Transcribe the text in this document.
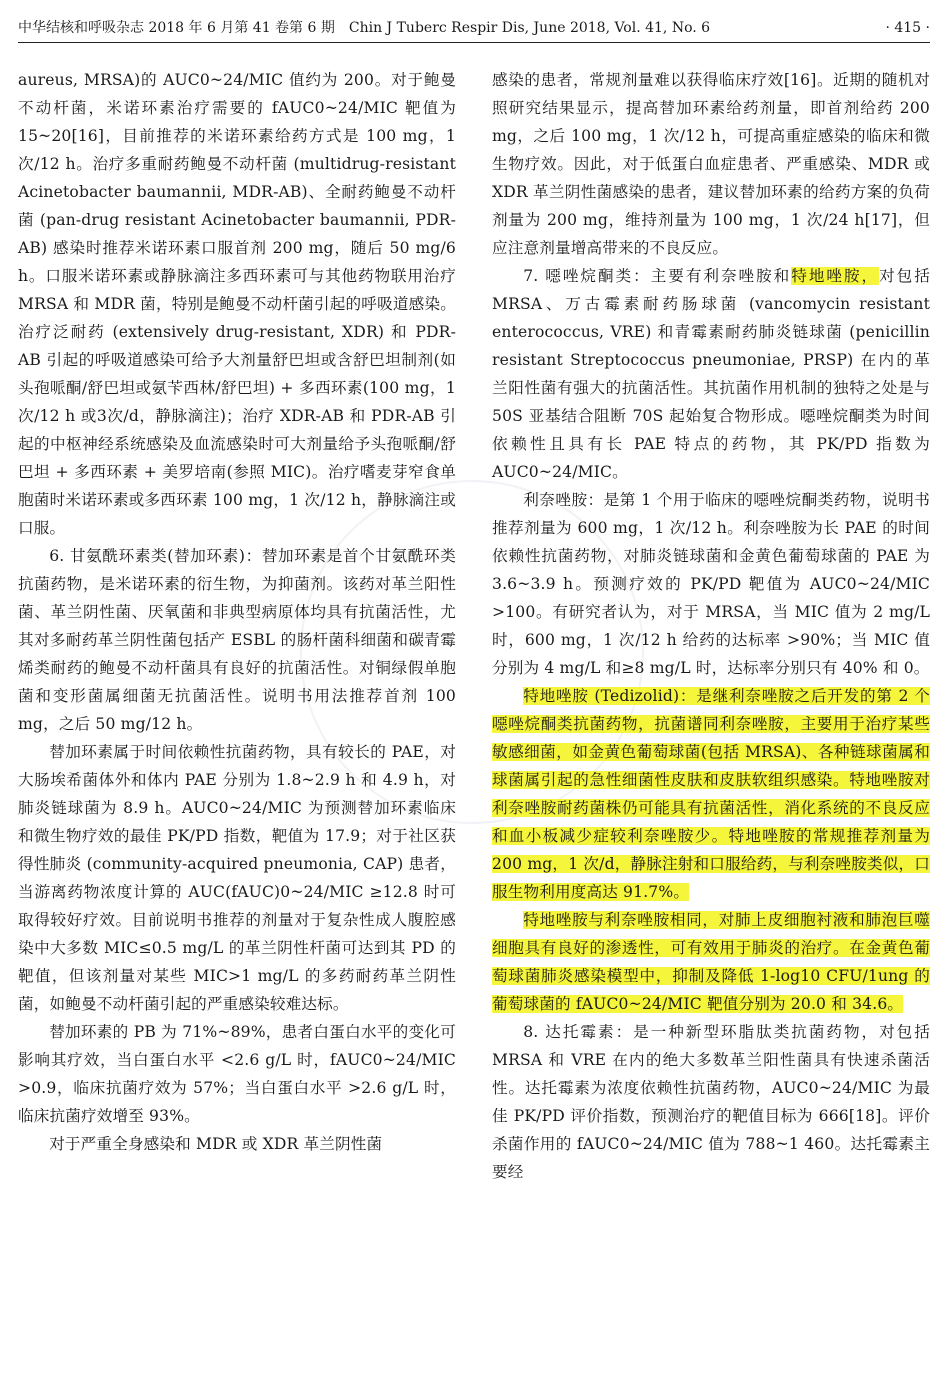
中华结核和呼吸杂志 2018 年 6 月第 41 卷第 6 期　Chin J Tuberc Respir Dis, June 2018, Vol. 41, No. 6	· 415 ·

aureus, MRSA)的 AUC0~24/MIC 值约为 200。对于鲍曼不动杆菌，米诺环素治疗需要的 fAUC0~24/MIC 靶值为 15~20[16]，目前推荐的米诺环素给药方式是 100 mg，1 次/12 h。治疗多重耐药鲍曼不动杆菌 (multidrug-resistant Acinetobacter baumannii, MDR-AB)、全耐药鲍曼不动杆菌 (pan-drug resistant Acinetobacter baumannii, PDR-AB) 感染时推荐米诺环素口服首剂 200 mg，随后 50 mg/6 h。口服米诺环素或静脉滴注多西环素可与其他药物联用治疗 MRSA 和 MDR 菌，特别是鲍曼不动杆菌引起的呼吸道感染。治疗泛耐药 (extensively drug-resistant, XDR) 和 PDR-AB 引起的呼吸道感染可给予大剂量舒巴坦或含舒巴坦制剂(如头孢哌酮/舒巴坦或氨苄西林/舒巴坦) + 多西环素(100 mg，1 次/12 h 或3次/d，静脉滴注)；治疗 XDR-AB 和 PDR-AB 引起的中枢神经系统感染及血流感染时可大剂量给予头孢哌酮/舒巴坦 + 多西环素 + 美罗培南(参照 MIC)。治疗嗜麦芽窄食单胞菌时米诺环素或多西环素 100 mg，1 次/12 h，静脉滴注或口服。

6. 甘氨酰环素类(替加环素)：替加环素是首个甘氨酰环类抗菌药物，是米诺环素的衍生物，为抑菌剂。该药对革兰阳性菌、革兰阴性菌、厌氧菌和非典型病原体均具有抗菌活性，尤其对多耐药革兰阴性菌包括产 ESBL 的肠杆菌科细菌和碳青霉烯类耐药的鲍曼不动杆菌具有良好的抗菌活性。对铜绿假单胞菌和变形菌属细菌无抗菌活性。说明书用法推荐首剂 100 mg，之后 50 mg/12 h。

替加环素属于时间依赖性抗菌药物，具有较长的 PAE，对大肠埃希菌体外和体内 PAE 分别为 1.8~2.9 h 和 4.9 h，对肺炎链球菌为 8.9 h。AUC0~24/MIC 为预测替加环素临床和微生物疗效的最佳 PK/PD 指数，靶值为 17.9；对于社区获得性肺炎 (community-acquired pneumonia, CAP) 患者，当游离药物浓度计算的 AUC(fAUC)0~24/MIC ≥12.8 时可取得较好疗效。目前说明书推荐的剂量对于复杂性成人腹腔感染中大多数 MIC≤0.5 mg/L 的革兰阴性杆菌可达到其 PD 的靶值，但该剂量对某些 MIC>1 mg/L 的多药耐药革兰阴性菌，如鲍曼不动杆菌引起的严重感染较难达标。

替加环素的 PB 为 71%~89%，患者白蛋白水平的变化可影响其疗效，当白蛋白水平 <2.6 g/L 时，fAUC0~24/MIC >0.9，临床抗菌疗效为 57%；当白蛋白水平 >2.6 g/L 时，临床抗菌疗效增至 93%。

对于严重全身感染和 MDR 或 XDR 革兰阴性菌

感染的患者，常规剂量难以获得临床疗效[16]。近期的随机对照研究结果显示，提高替加环素给药剂量，即首剂给药 200 mg，之后 100 mg，1 次/12 h，可提高重症感染的临床和微生物疗效。因此，对于低蛋白血症患者、严重感染、MDR 或 XDR 革兰阴性菌感染的患者，建议替加环素的给药方案的负荷剂量为 200 mg，维持剂量为 100 mg，1 次/24 h[17]，但应注意剂量增高带来的不良反应。

7. 噁唑烷酮类：主要有利奈唑胺和特地唑胺，对包括 MRSA、万古霉素耐药肠球菌 (vancomycin resistant enterococcus, VRE) 和青霉素耐药肺炎链球菌 (penicillin resistant Streptococcus pneumoniae, PRSP) 在内的革兰阳性菌有强大的抗菌活性。其抗菌作用机制的独特之处是与 50S 亚基结合阻断 70S 起始复合物形成。噁唑烷酮类为时间依赖性且具有长 PAE 特点的药物，其 PK/PD 指数为 AUC0~24/MIC。

利奈唑胺：是第 1 个用于临床的噁唑烷酮类药物，说明书推荐剂量为 600 mg，1 次/12 h。利奈唑胺为长 PAE 的时间依赖性抗菌药物，对肺炎链球菌和金黄色葡萄球菌的 PAE 为 3.6~3.9 h。预测疗效的 PK/PD 靶值为 AUC0~24/MIC >100。有研究者认为，对于 MRSA，当 MIC 值为 2 mg/L 时，600 mg，1 次/12 h 给药的达标率 >90%；当 MIC 值分别为 4 mg/L 和≥8 mg/L 时，达标率分别只有 40% 和 0。

特地唑胺 (Tedizolid)：是继利奈唑胺之后开发的第 2 个噁唑烷酮类抗菌药物，抗菌谱同利奈唑胺，主要用于治疗某些敏感细菌，如金黄色葡萄球菌(包括 MRSA)、各种链球菌属和球菌属引起的急性细菌性皮肤和皮肤软组织感染。特地唑胺对利奈唑胺耐药菌株仍可能具有抗菌活性，消化系统的不良反应和血小板减少症较利奈唑胺少。特地唑胺的常规推荐剂量为 200 mg，1 次/d，静脉注射和口服给药，与利奈唑胺类似，口服生物利用度高达 91.7%。

特地唑胺与利奈唑胺相同，对肺上皮细胞衬液和肺泡巨噬细胞具有良好的渗透性，可有效用于肺炎的治疗。在金黄色葡萄球菌肺炎感染模型中，抑制及降低 1-log10 CFU/1ung 的葡萄球菌的 fAUC0~24/MIC 靶值分别为 20.0 和 34.6。

8. 达托霉素：是一种新型环脂肽类抗菌药物，对包括 MRSA 和 VRE 在内的绝大多数革兰阳性菌具有快速杀菌活性。达托霉素为浓度依赖性抗菌药物，AUC0~24/MIC 为最佳 PK/PD 评价指数，预测治疗的靶值目标为 666[18]。评价杀菌作用的 fAUC0~24/MIC 值为 788~1 460。达托霉素主要经
